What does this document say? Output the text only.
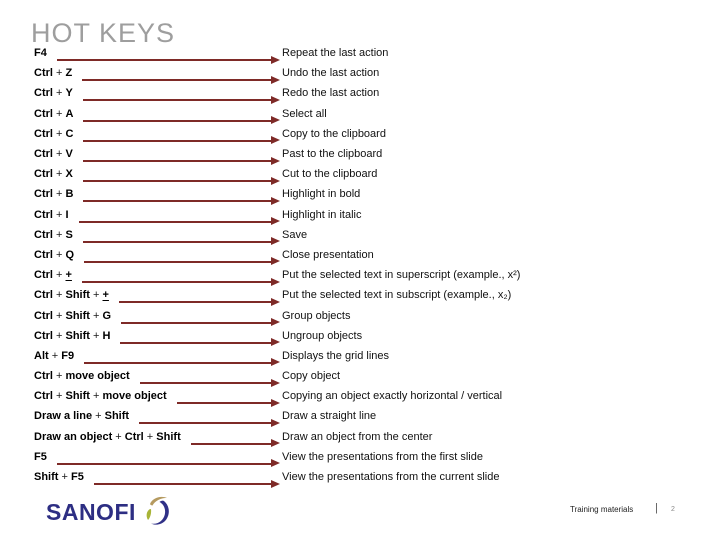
HOT KEYS
F4	Repeat the last action
Ctrl + Z	Undo the last action
Ctrl + Y	Redo the last action
Ctrl + A	Select all
Ctrl + C	Copy to the clipboard
Ctrl + V	Past to the clipboard
Ctrl + X	Cut to the clipboard
Ctrl + B	Highlight in bold
Ctrl + I	Highlight in italic
Ctrl + S	Save
Ctrl + Q	Close presentation
Ctrl + +	Put the selected text in superscript (example., x²)
Ctrl + Shift + +	Put the selected text in subscript (example., x₂)
Ctrl + Shift + G	Group objects
Ctrl + Shift + H	Ungroup objects
Alt + F9	Displays the grid lines
Ctrl + move object	Copy object
Ctrl + Shift + move object	Copying an object exactly horizontal / vertical
Draw a line + Shift	Draw a straight line
Draw an object + Ctrl + Shift	Draw an object from the center
F5	View the presentations from the first slide
Shift + F5	View the presentations from the current slide
SANOFI	Training materials | 2
